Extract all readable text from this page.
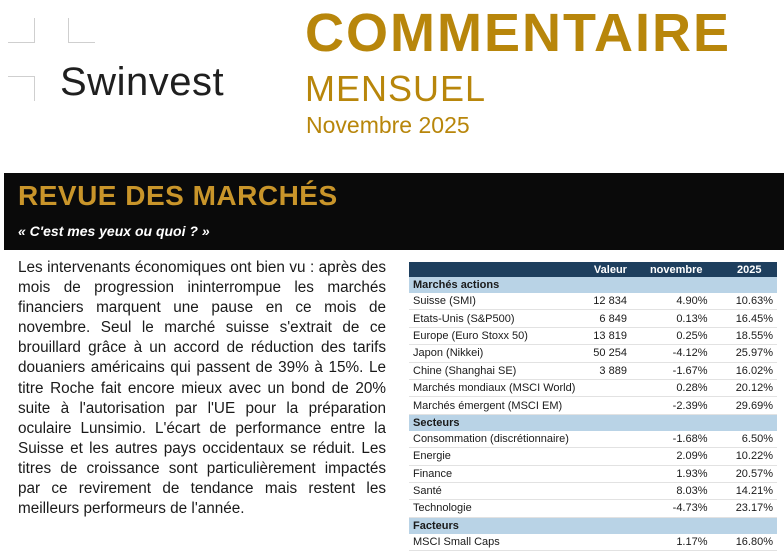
Swinvest
COMMENTAIRE
MENSUEL
Novembre 2025
REVUE DES MARCHÉS
« C'est mes yeux ou quoi ? »
Les intervenants économiques ont bien vu : après des mois de progression ininterrompue les marchés financiers marquent une pause en ce mois de novembre. Seul le marché suisse s'extrait de ce brouillard grâce à un accord de réduction des tarifs douaniers américains qui passent de 39% à 15%. Le titre Roche fait encore mieux avec un bond de 20% suite à l'autorisation par l'UE pour la préparation oculaire Lunsimio. L'écart de performance entre la Suisse et les autres pays occidentaux se réduit. Les titres de croissance sont particulièrement impactés par ce revirement de tendance mais restent les meilleurs performeurs de l'année.
	Valeur	novembre	2025
Marchés actions			
Suisse (SMI)	12 834	4.90%	10.63%
Etats-Unis (S&P500)	6 849	0.13%	16.45%
Europe (Euro Stoxx 50)	13 819	0.25%	18.55%
Japon (Nikkei)	50 254	-4.12%	25.97%
Chine (Shanghai SE)	3 889	-1.67%	16.02%
Marchés mondiaux (MSCI World)		0.28%	20.12%
Marchés émergent (MSCI EM)		-2.39%	29.69%
Secteurs			
Consommation (discrétionnaire)		-1.68%	6.50%
Energie		2.09%	10.22%
Finance		1.93%	20.57%
Santé		8.03%	14.21%
Technologie		-4.73%	23.17%
Facteurs			
MSCI Small Caps		1.17%	16.80%
